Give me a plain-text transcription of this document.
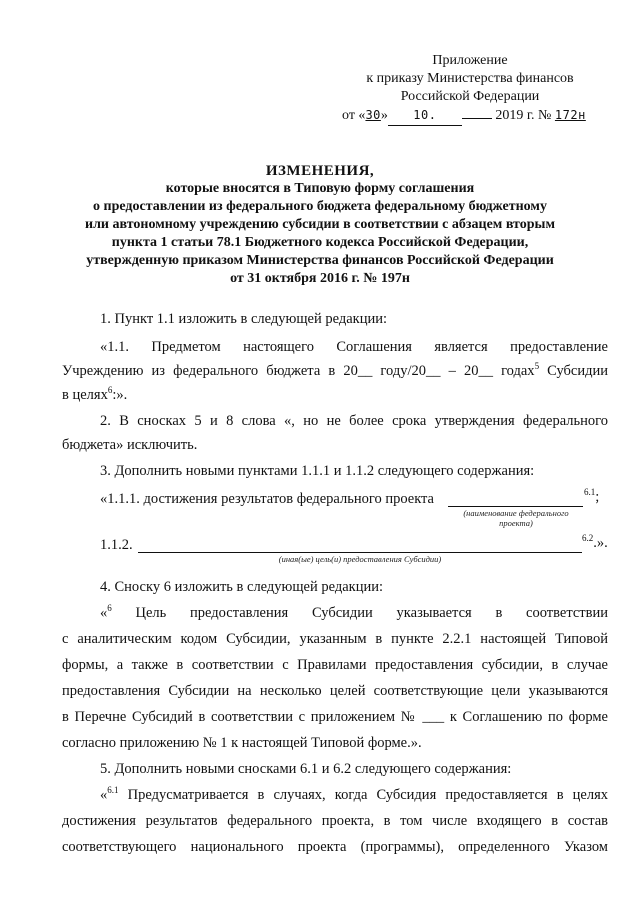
Приложение
к приказу Министерства финансов
Российской Федерации
от «30» 10.	2019 г. № 172н
ИЗМЕНЕНИЯ,
которые вносятся в Типовую форму соглашения
о предоставлении из федерального бюджета федеральному бюджетному
или автономному учреждению субсидии в соответствии с абзацем вторым
пункта 1 статьи 78.1 Бюджетного кодекса Российской Федерации,
утвержденную приказом Министерства финансов Российской Федерации
от 31 октября 2016 г. № 197н
1. Пункт 1.1 изложить в следующей редакции:
«1.1. Предметом настоящего Соглашения является предоставление
Учреждению из федерального бюджета в 20__ году/20__ – 20__ годах$^5$ Субсидии
в целях$^6$:».
2. В сносках 5 и 8 слова «, но не более срока утверждения федерального
бюджета» исключить.
3. Дополнить новыми пунктами 1.1.1 и 1.1.2 следующего содержания:
«1.1.1. достижения результатов федерального проекта	$^{6.1}$;
(наименование федерального
проекта)
1.1.2.	$^{6.2}$.».
(иная(ые) цель(и) предоставления Субсидии)
4. Сноску 6 изложить в следующей редакции:
«$^6$ Цель предоставления Субсидии указывается в соответствии
с аналитическим кодом Субсидии, указанным в пункте 2.2.1 настоящей Типовой
формы, а также в соответствии с Правилами предоставления субсидии, в случае
предоставления Субсидии на несколько целей соответствующие цели указываются
в Перечне Субсидий в соответствии с приложением № ___ к Соглашению по форме
согласно приложению № 1 к настоящей Типовой форме.».
5. Дополнить новыми сносками 6.1 и 6.2 следующего содержания:
«$^{6.1}$ Предусматривается в случаях, когда Субсидия предоставляется в целях
достижения результатов федерального проекта, в том числе входящего в состав
соответствующего национального проекта (программы), определенного Указом
